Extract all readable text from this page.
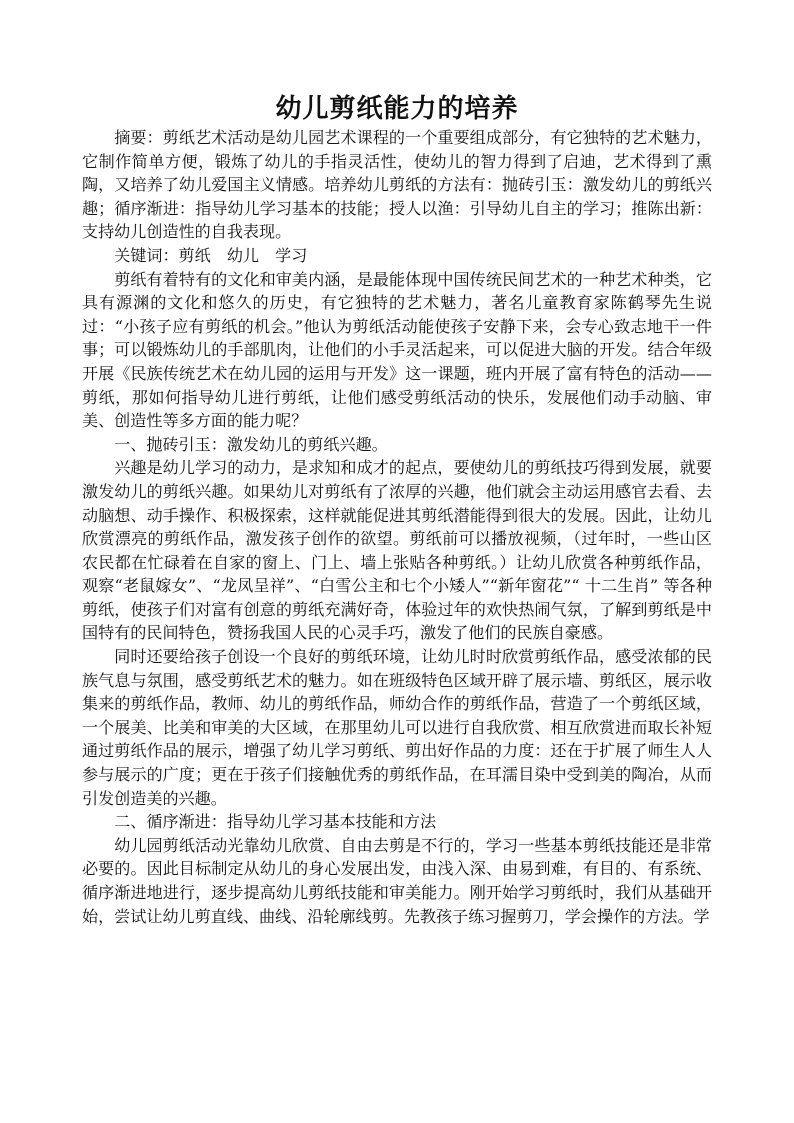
幼儿剪纸能力的培养

摘要：剪纸艺术活动是幼儿园艺术课程的一个重要组成部分，有它独特的艺术魅力，它制作简单方便，锻炼了幼儿的手指灵活性，使幼儿的智力得到了启迪，艺术得到了熏陶，又培养了幼儿爱国主义情感。培养幼儿剪纸的方法有：抛砖引玉：激发幼儿的剪纸兴趣；循序渐进：指导幼儿学习基本的技能；授人以渔：引导幼儿自主的学习；推陈出新：支持幼儿创造性的自我表现。

关键词：剪纸　幼儿　学习

剪纸有着特有的文化和审美内涵，是最能体现中国传统民间艺术的一种艺术种类，它具有源渊的文化和悠久的历史，有它独特的艺术魅力，著名儿童教育家陈鹤琴先生说过：“小孩子应有剪纸的机会。”他认为剪纸活动能使孩子安静下来，会专心致志地干一件事；可以锻炼幼儿的手部肌肉，让他们的小手灵活起来，可以促进大脑的开发。结合年级开展《民族传统艺术在幼儿园的运用与开发》这一课题，班内开展了富有特色的活动——剪纸，那如何指导幼儿进行剪纸，让他们感受剪纸活动的快乐，发展他们动手动脑、审美、创造性等多方面的能力呢？

一、抛砖引玉：激发幼儿的剪纸兴趣。

兴趣是幼儿学习的动力，是求知和成才的起点，要使幼儿的剪纸技巧得到发展，就要激发幼儿的剪纸兴趣。如果幼儿对剪纸有了浓厚的兴趣，他们就会主动运用感官去看、去动脑想、动手操作、积极探索，这样就能促进其剪纸潜能得到很大的发展。因此，让幼儿欣赏漂亮的剪纸作品，激发孩子创作的欲望。剪纸前可以播放视频，（过年时，一些山区农民都在忙碌着在自家的窗上、门上、墙上张贴各种剪纸。）让幼儿欣赏各种剪纸作品，观察“老鼠嫁女”、“龙凤呈祥”、“白雪公主和七个小矮人”“新年窗花”“ 十二生肖” 等各种剪纸，使孩子们对富有创意的剪纸充满好奇，体验过年的欢快热闹气氛，了解到剪纸是中国特有的民间特色，赞扬我国人民的心灵手巧，激发了他们的民族自豪感。

同时还要给孩子创设一个良好的剪纸环境，让幼儿时时欣赏剪纸作品，感受浓郁的民族气息与氛围，感受剪纸艺术的魅力。如在班级特色区域开辟了展示墙、剪纸区，展示收集来的剪纸作品，教师、幼儿的剪纸作品，师幼合作的剪纸作品，营造了一个剪纸区域，一个展美、比美和审美的大区域，在那里幼儿可以进行自我欣赏、相互欣赏进而取长补短通过剪纸作品的展示，增强了幼儿学习剪纸、剪出好作品的力度：还在于扩展了师生人人参与展示的广度；更在于孩子们接触优秀的剪纸作品，在耳濡目染中受到美的陶冶，从而引发创造美的兴趣。

二、循序渐进：指导幼儿学习基本技能和方法

幼儿园剪纸活动光靠幼儿欣赏、自由去剪是不行的，学习一些基本剪纸技能还是非常必要的。因此目标制定从幼儿的身心发展出发，由浅入深、由易到难，有目的、有系统、循序渐进地进行，逐步提高幼儿剪纸技能和审美能力。刚开始学习剪纸时，我们从基础开始，尝试让幼儿剪直线、曲线、沿轮廓线剪。先教孩子练习握剪刀，学会操作的方法。学
